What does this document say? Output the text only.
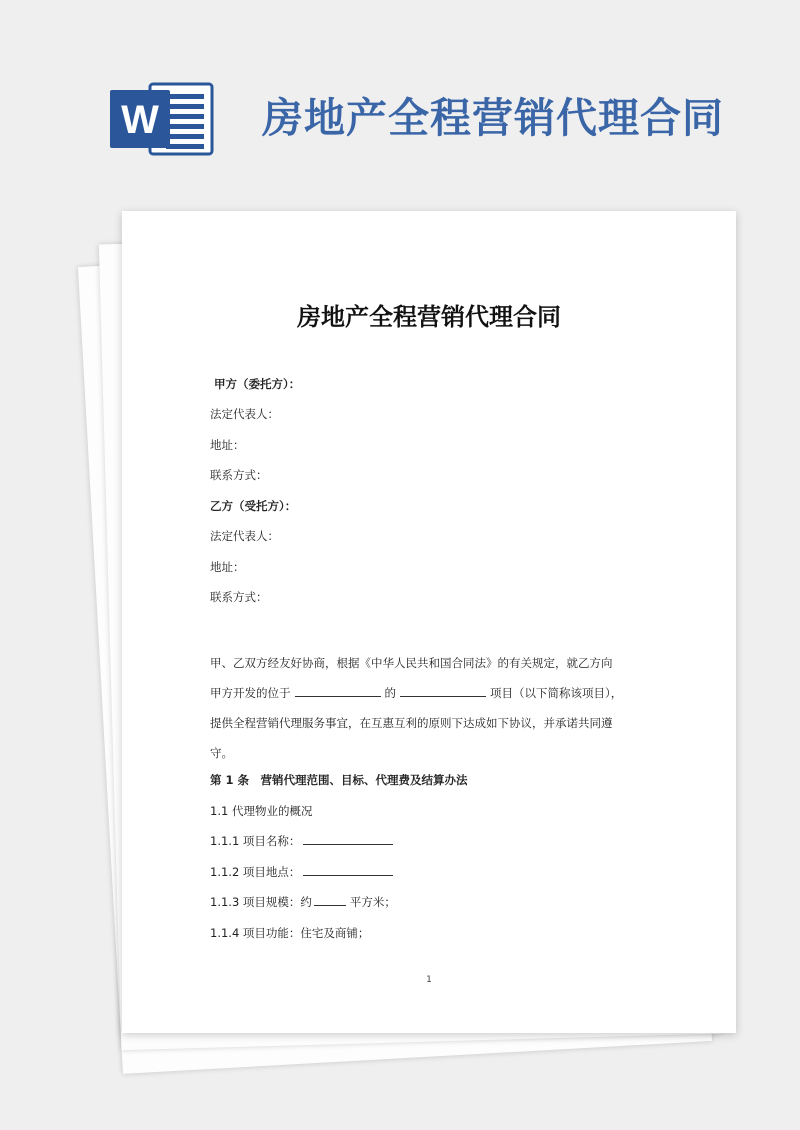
W	房地产全程营销代理合同
房地产全程营销代理合同
甲方（委托方）：
法定代表人：
地址：
联系方式：
乙方（受托方）：
法定代表人：
地址：
联系方式：

甲、乙双方经友好协商，根据《中华人民共和国合同法》的有关规定，就乙方向
甲方开发的位于	的	项目（以下简称该项目），
提供全程营销代理服务事宜，在互惠互利的原则下达成如下协议，并承诺共同遵
守。

第 1 条　营销代理范围、目标、代理费及结算办法
1.1 代理物业的概况
1.1.1 项目名称：
1.1.2 项目地点：
1.1.3 项目规模：约	平方米；
1.1.4 项目功能：住宅及商铺；
1
